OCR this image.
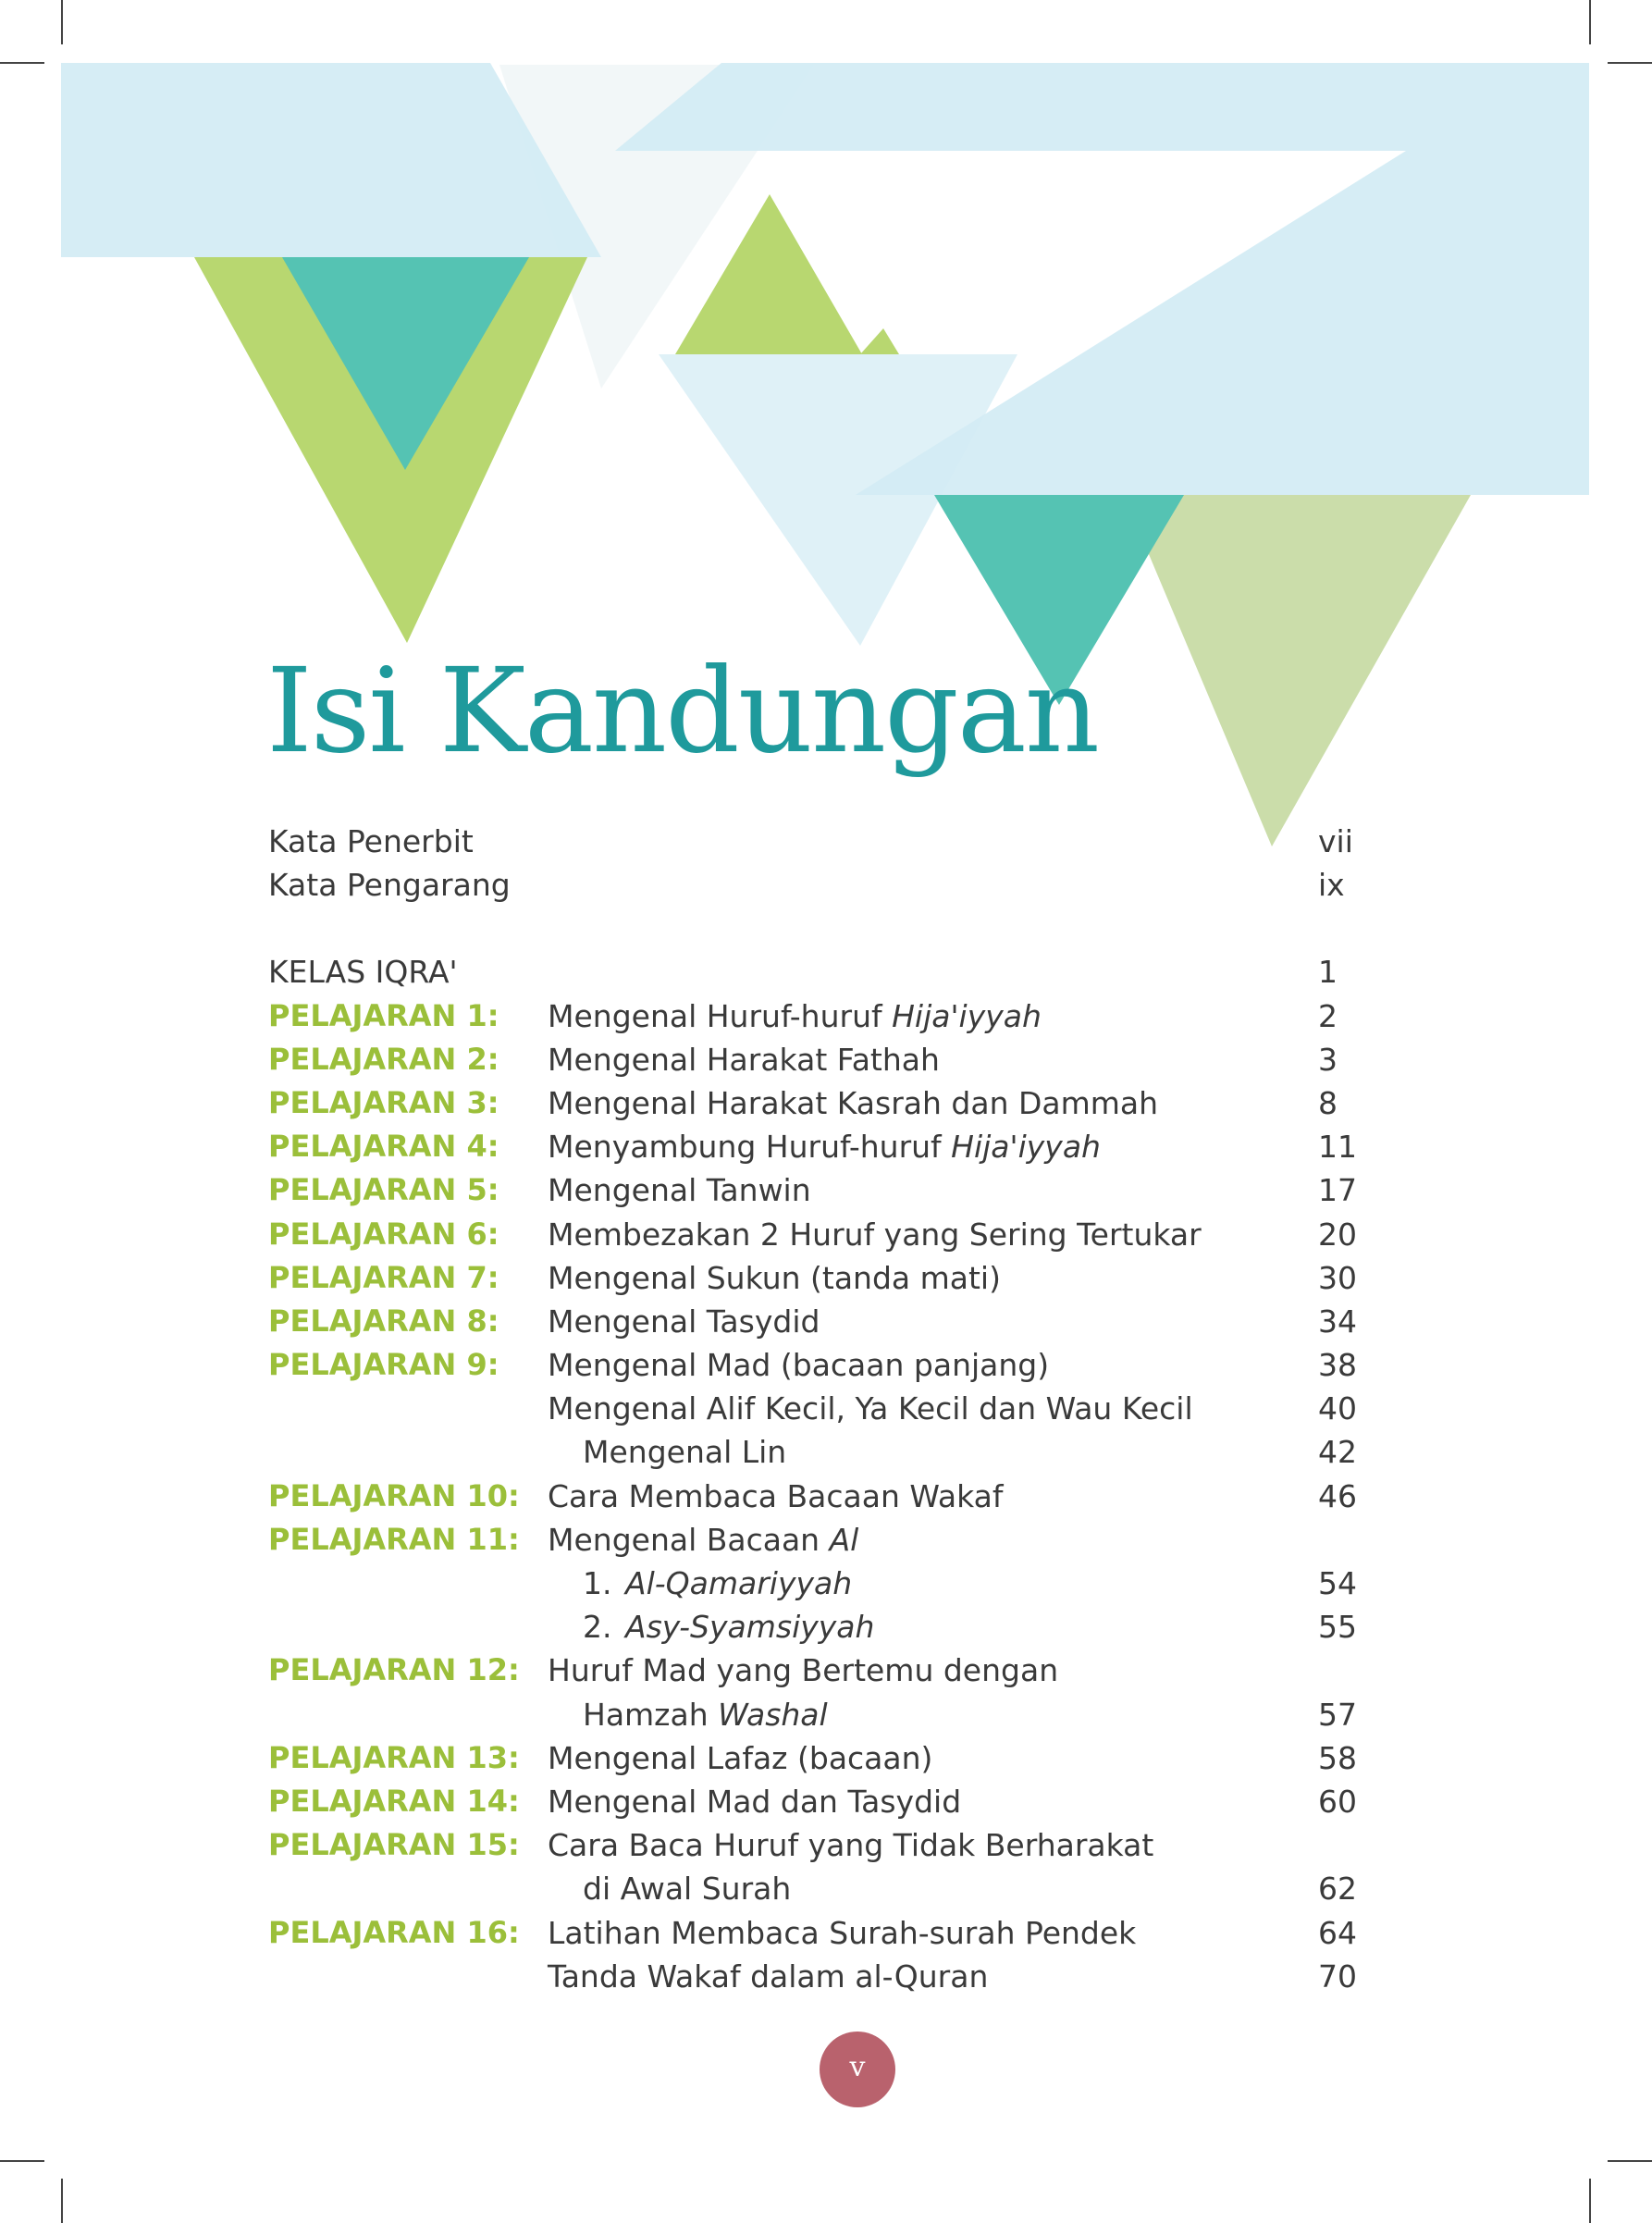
Isi Kandungan
Kata Penerbit	vii
Kata Pengarang	ix
KELAS IQRA'	1
PELAJARAN 1: Mengenal Huruf-huruf Hija'iyyah	2
PELAJARAN 2: Mengenal Harakat Fathah	3
PELAJARAN 3: Mengenal Harakat Kasrah dan Dammah	8
PELAJARAN 4: Menyambung Huruf-huruf Hija'iyyah	11
PELAJARAN 5: Mengenal Tanwin	17
PELAJARAN 6: Membezakan 2 Huruf yang Sering Tertukar	20
PELAJARAN 7: Mengenal Sukun (tanda mati)	30
PELAJARAN 8: Mengenal Tasydid	34
PELAJARAN 9: Mengenal Mad (bacaan panjang)	38
Mengenal Alif Kecil, Ya Kecil dan Wau Kecil	40
Mengenal Lin	42
PELAJARAN 10: Cara Membaca Bacaan Wakaf	46
PELAJARAN 11: Mengenal Bacaan Al
1. Al-Qamariyyah	54
2. Asy-Syamsiyyah	55
PELAJARAN 12: Huruf Mad yang Bertemu dengan
Hamzah Washal	57
PELAJARAN 13: Mengenal Lafaz (bacaan)	58
PELAJARAN 14: Mengenal Mad dan Tasydid	60
PELAJARAN 15: Cara Baca Huruf yang Tidak Berharakat
di Awal Surah	62
PELAJARAN 16: Latihan Membaca Surah-surah Pendek	64
Tanda Wakaf dalam al-Quran	70
v
